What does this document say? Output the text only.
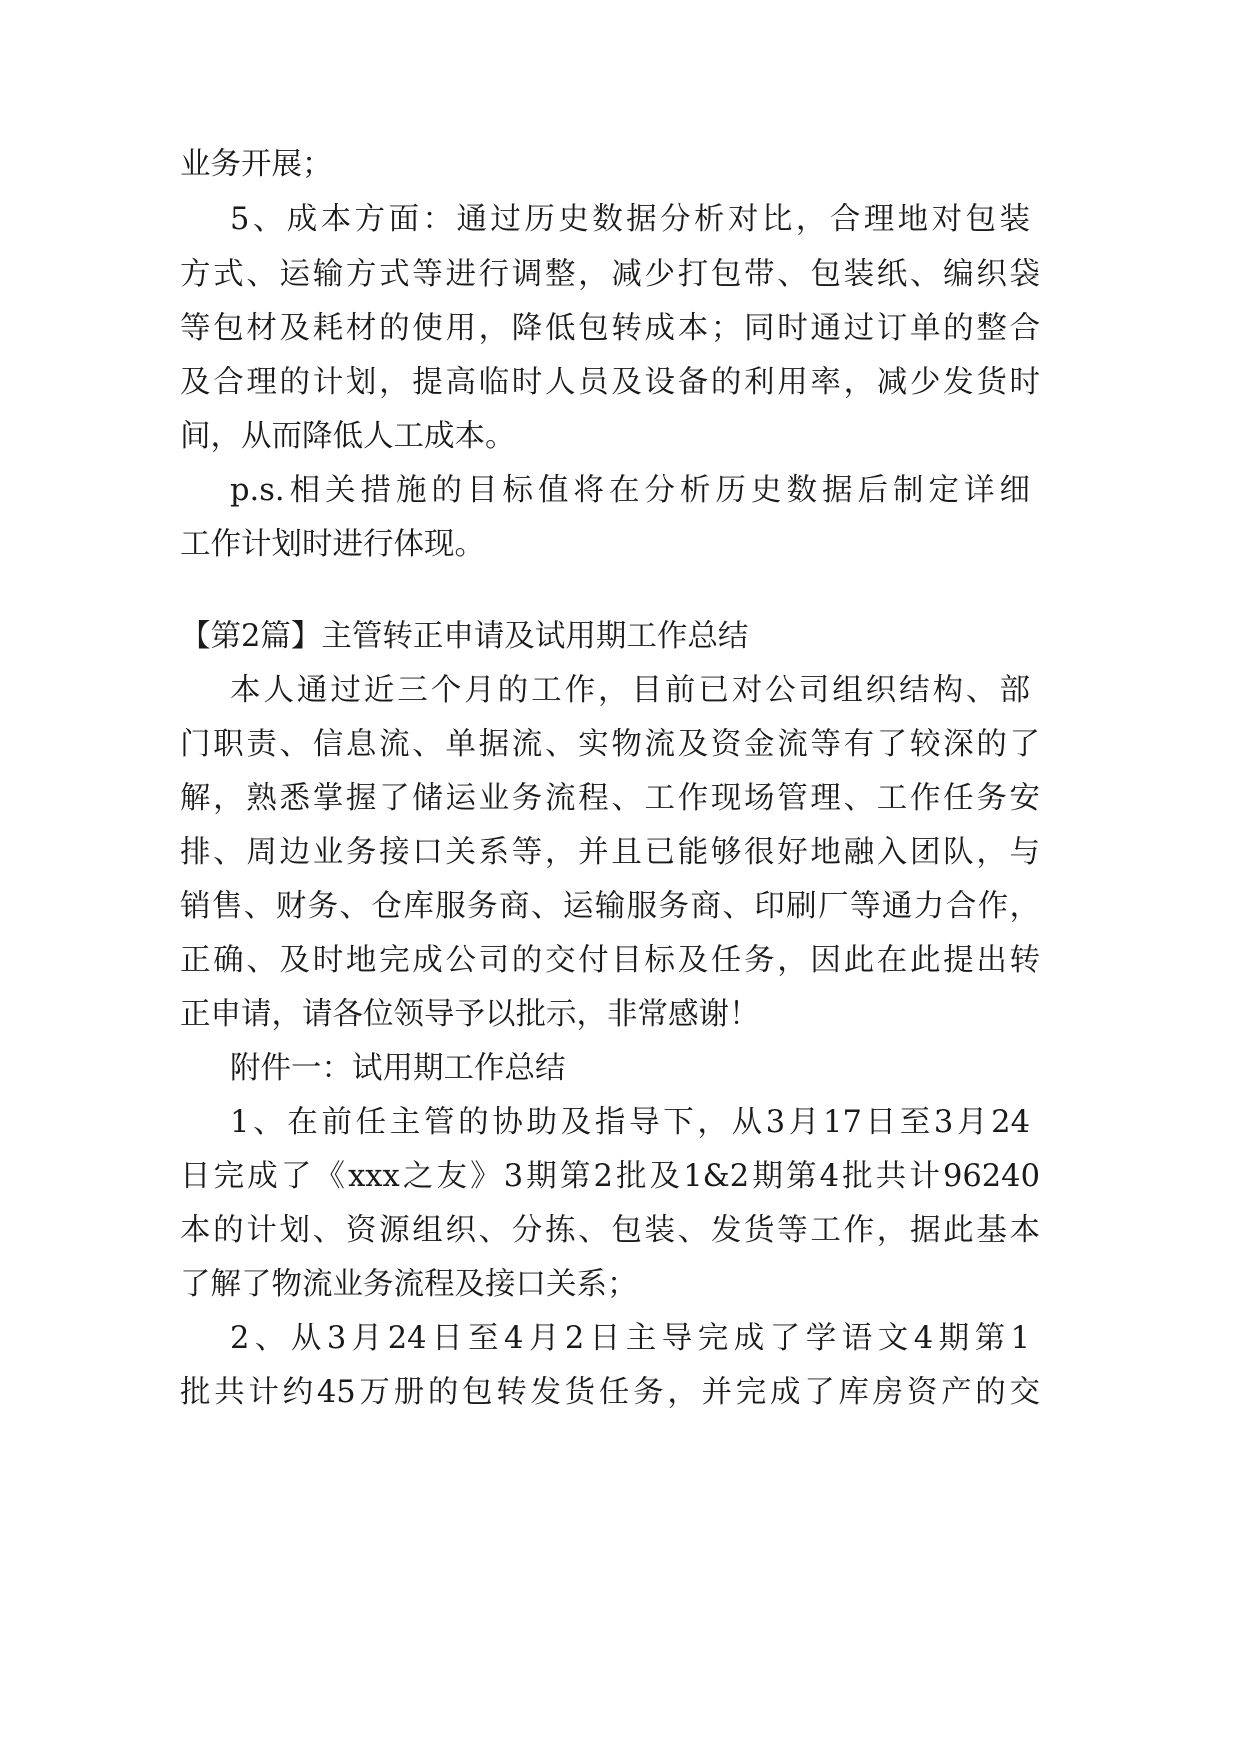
业务开展；
5、成本方面：通过历史数据分析对比，合理地对包装
方式、运输方式等进行调整，减少打包带、包装纸、编织袋
等包材及耗材的使用，降低包转成本；同时通过订单的整合
及合理的计划，提高临时人员及设备的利用率，减少发货时
间，从而降低人工成本。
p.s.相关措施的目标值将在分析历史数据后制定详细
工作计划时进行体现。
【第2篇】主管转正申请及试用期工作总结
本人通过近三个月的工作，目前已对公司组织结构、部
门职责、信息流、单据流、实物流及资金流等有了较深的了
解，熟悉掌握了储运业务流程、工作现场管理、工作任务安
排、周边业务接口关系等，并且已能够很好地融入团队，与
销售、财务、仓库服务商、运输服务商、印刷厂等通力合作，
正确、及时地完成公司的交付目标及任务，因此在此提出转
正申请，请各位领导予以批示，非常感谢！
附件一：试用期工作总结
1、在前任主管的协助及指导下，从3月17日至3月24
日完成了《xxx之友》3期第2批及1&2期第4批共计96240
本的计划、资源组织、分拣、包装、发货等工作，据此基本
了解了物流业务流程及接口关系；
2、从3月24日至4月2日主导完成了学语文4期第1
批共计约45万册的包转发货任务，并完成了库房资产的交
